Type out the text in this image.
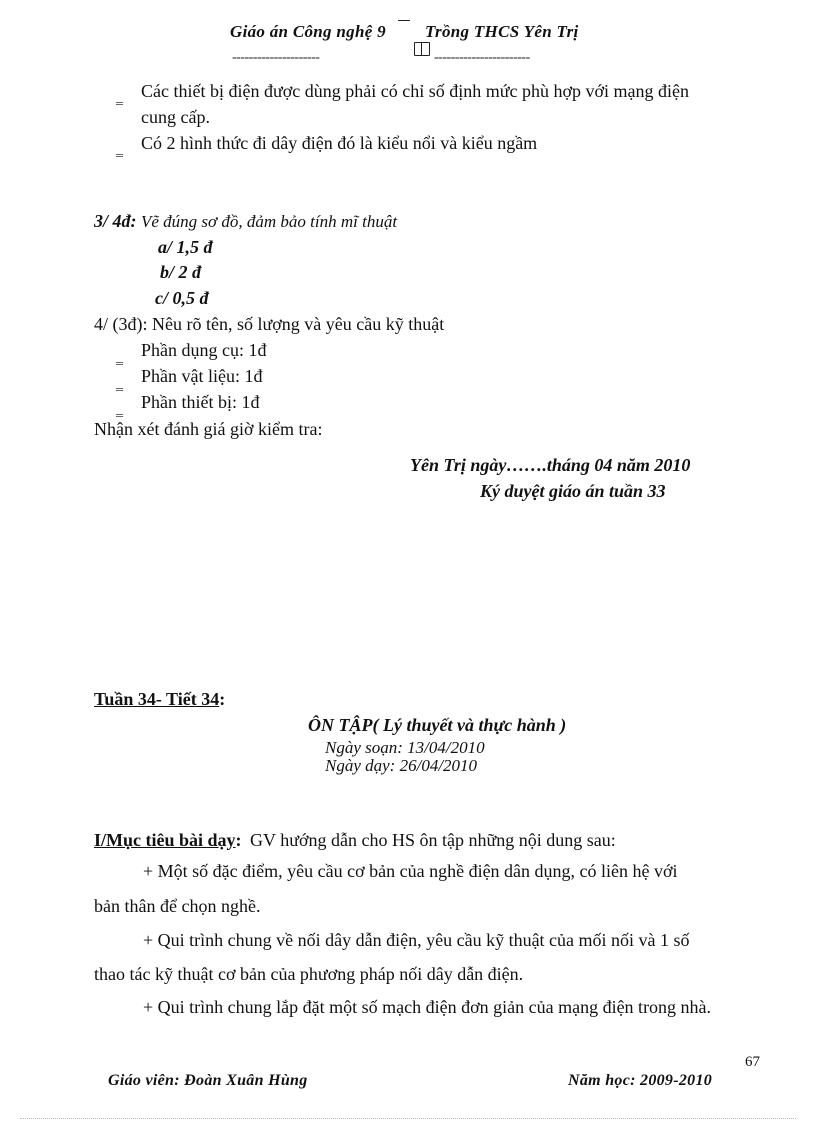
Giáo án Công nghệ 9 Trồng THCS Yên Trị
---------------------	-----------------------
‗ Các thiết bị điện được dùng phải có chỉ số định mức phù hợp với mạng điện
cung cấp.
‗ Có 2 hình thức đi dây điện đó là kiểu nổi và kiểu ngầm
3/ 4đ: Vẽ đúng sơ đồ, đảm bảo tính mĩ thuật
a/ 1,5 đ
b/ 2 đ
c/ 0,5 đ
4/ (3đ): Nêu rõ tên, số lượng và yêu cầu kỹ thuật
‗ Phần dụng cụ: 1đ
‗ Phần vật liệu: 1đ
‗ Phần thiết bị: 1đ
Nhận xét đánh giá giờ kiểm tra:
Yên Trị ngày…….tháng 04 năm 2010
Ký duyệt giáo án tuần 33
Tuần 34- Tiết 34:
ÔN TẬP( Lý thuyết và thực hành )
Ngày soạn: 13/04/2010
Ngày dạy: 26/04/2010
I/Mục tiêu bài dạy: GV hướng dẫn cho HS ôn tập những nội dung sau:
+ Một số đặc điểm, yêu cầu cơ bản của nghề điện dân dụng, có liên hệ với
bản thân để chọn nghề.
+ Qui trình chung về nối dây dẫn điện, yêu cầu kỹ thuật của mối nối và 1 số
thao tác kỹ thuật cơ bản của phương pháp nối dây dẫn điện.
+ Qui trình chung lắp đặt một số mạch điện đơn giản của mạng điện trong nhà.
67
Giáo viên: Đoàn Xuân Hùng	Năm học: 2009-2010
